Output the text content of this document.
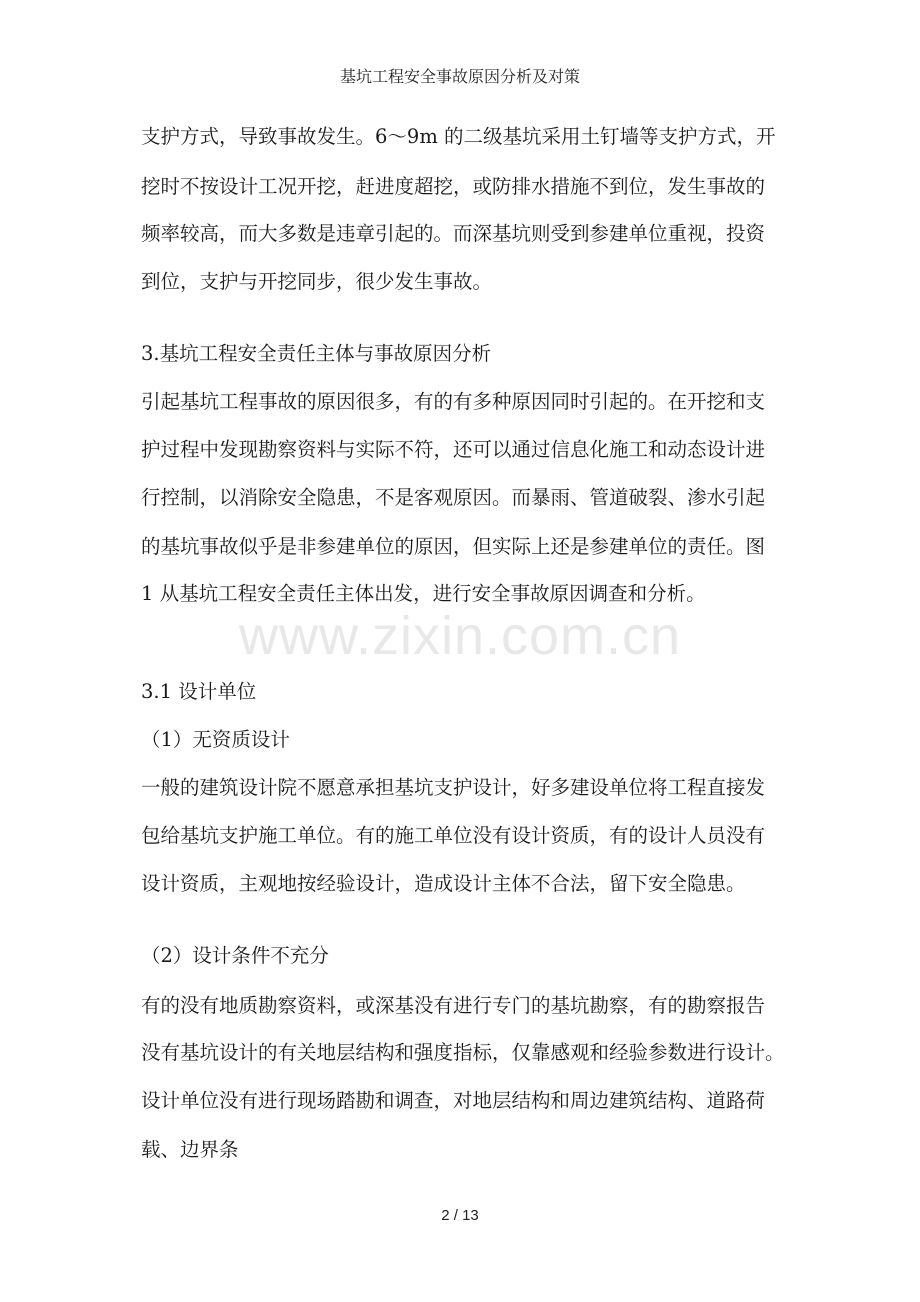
基坑工程安全事故原因分析及对策
支护方式，导致事故发生。6～9m 的二级基坑采用土钉墙等支护方式，开
挖时不按设计工况开挖，赶进度超挖，或防排水措施不到位，发生事故的
频率较高，而大多数是违章引起的。而深基坑则受到参建单位重视，投资
到位，支护与开挖同步，很少发生事故。
3.基坑工程安全责任主体与事故原因分析
引起基坑工程事故的原因很多，有的有多种原因同时引起的。在开挖和支
护过程中发现勘察资料与实际不符，还可以通过信息化施工和动态设计进
行控制，以消除安全隐患，不是客观原因。而暴雨、管道破裂、渗水引起
的基坑事故似乎是非参建单位的原因，但实际上还是参建单位的责任。图
1 从基坑工程安全责任主体出发，进行安全事故原因调查和分析。
www.zixin.com.cn
3.1 设计单位
（1）无资质设计
一般的建筑设计院不愿意承担基坑支护设计，好多建设单位将工程直接发
包给基坑支护施工单位。有的施工单位没有设计资质，有的设计人员没有
设计资质，主观地按经验设计，造成设计主体不合法，留下安全隐患。
（2）设计条件不充分
有的没有地质勘察资料，或深基没有进行专门的基坑勘察，有的勘察报告
没有基坑设计的有关地层结构和强度指标，仅靠感观和经验参数进行设计。
设计单位没有进行现场踏勘和调查，对地层结构和周边建筑结构、道路荷
载、边界条
2 / 13
